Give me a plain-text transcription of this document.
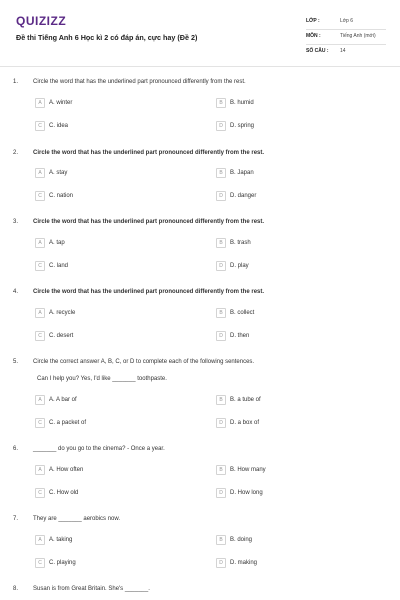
QUIZIZZ
Đề thi Tiếng Anh 6 Học kì 2 có đáp án, cực hay (Đề 2)
LỚP :	Lớp 6
MÔN :	Tiếng Anh (mới)
SỐ CÂU : 14
1. Circle the word that has the underlined part pronounced differently from the rest.
A	A. winter	B	B. humid
C	C. idea	D	D. spring
2. Circle the word that has the underlined part pronounced differently from the rest.
A	A. stay	B	B. Japan
C	C. nation	D	D. danger
3. Circle the word that has the underlined part pronounced differently from the rest.
A	A. tap	B	B. trash
C	C. land	D	D. play
4. Circle the word that has the underlined part pronounced differently from the rest.
A	A. recycle	B	B. collect
C	C. desert	D	D. then
5. Circle the correct answer A, B, C, or D to complete each of the following sentences.
Can I help you? Yes, I'd like _______ toothpaste.
A	A. A bar of	B	B. a tube of
C	C. a packet of	D	D. a box of
6. _______ do you go to the cinema? - Once a year.
A	A. How often	B	B. How many
C	C. How old	D	D. How long
7. They are _______ aerobics now.
A	A. taking	B	B. doing
C	C. playing	D	D. making
8. Susan is from Great Britain. She's _______.
